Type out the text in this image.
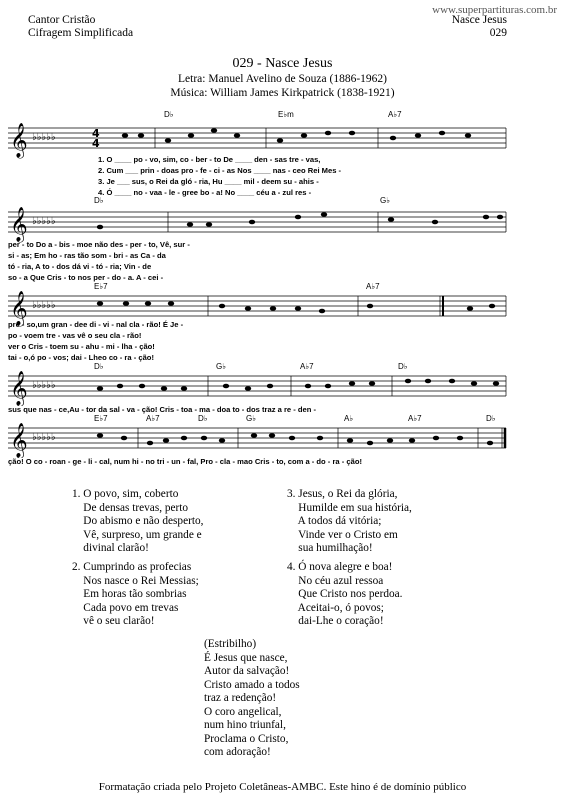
www.superpartituras.com.br
Cantor Cristão
Cifragem Simplificada
Nasce Jesus
029
029 - Nasce Jesus
Letra: Manuel Avelino de Souza (1886-1962)
Música: William James Kirkpatrick (1838-1921)
𝄞 ♭♭♭♭♭	4
4
D♭	E♭m	A♭7
1. O ____ po - vo, sim, co - ber - to De ____ den - sas tre - vas,
2. Cum ___ prin - doas pro - fe - ci - as Nos ____ nas - ceo Rei Mes -
3. Je ___ sus, o Rei da gló - ria, Hu ____ mil - deem su - ahis -
4. Ó ____ no - vaa - le - gree bo - a! No ____ céu a - zul res -
𝄞 ♭♭♭♭♭
D♭	G♭
per - to Do a - bis - moe não des - per - to, Vê, sur -
si - as; Em ho - ras tão som - bri - as Ca - da
tó - ria, A to - dos dá vi - tó - ria; Vin - de
so - a Que Cris - to nos per - do - a. A - cei -
𝄞 ♭♭♭♭♭
E♭7	A♭7
pre - so,um gran - dee di - vi - nal cla - rão! É Je -
po - voem tre - vas vê o seu cla - rão!
ver o Cris - toem su - ahu - mi - lha - ção!
tai - o,ó po - vos; dai - Lheo co - ra - ção!
𝄞 ♭♭♭♭♭
D♭	G♭	A♭7	D♭
sus que nas - ce,Au - tor da sal - va - ção! Cris - toa - ma - doa to - dos traz a re - den -
𝄞 ♭♭♭♭♭
E♭7	A♭7	D♭	G♭	A♭	A♭7	D♭
ção! O co - roan - ge - li - cal, num hi - no tri - un - fal, Pro - cla - mao Cris - to, com a - do - ra - ção!
1. O povo, sim, coberto
De densas trevas, perto
Do abismo e não desperto,
Vê, surpreso, um grande e
divinal clarão!
3. Jesus, o Rei da glória,
Humilde em sua história,
A todos dá vitória;
Vinde ver o Cristo em
sua humilhação!
2. Cumprindo as profecias
Nos nasce o Rei Messias;
Em horas tão sombrias
Cada povo em trevas
vê o seu clarão!
4. Ó nova alegre e boa!
No céu azul ressoa
Que Cristo nos perdoa.
Aceitai-o, ó povos;
dai-Lhe o coração!
(Estribilho)
É Jesus que nasce,
Autor da salvação!
Cristo amado a todos
traz a redenção!
O coro angelical,
num hino triunfal,
Proclama o Cristo,
com adoração!
Formatação criada pelo Projeto Coletâneas-AMBC. Este hino é de domínio público
